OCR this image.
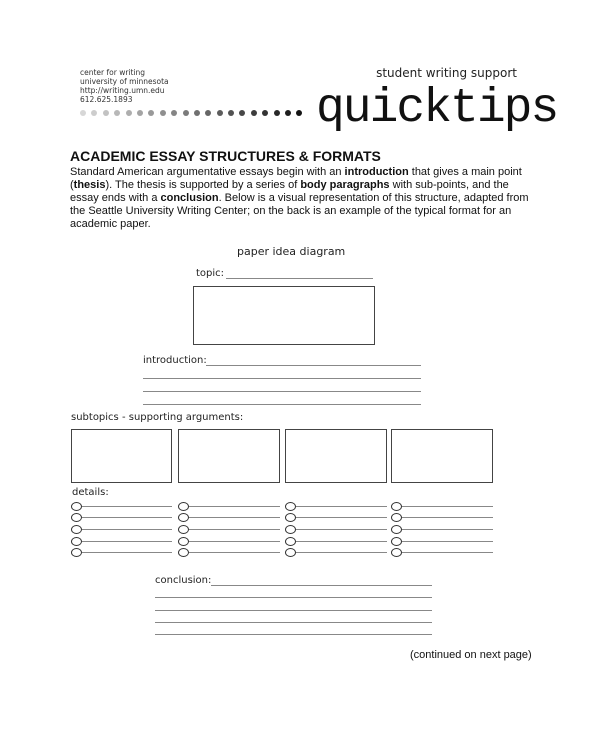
center for writing
university of minnesota
http://writing.umn.edu
612.625.1893
student writing support
quicktips
ACADEMIC ESSAY STRUCTURES & FORMATS
Standard American argumentative essays begin with an introduction that gives a main point (thesis). The thesis is supported by a series of body paragraphs with sub-points, and the essay ends with a conclusion. Below is a visual representation of this structure, adapted from the Seattle University Writing Center; on the back is an example of the typical format for an academic paper.
paper idea diagram
topic:
introduction:
subtopics - supporting arguments:
details:
conclusion:
(continued on next page)
